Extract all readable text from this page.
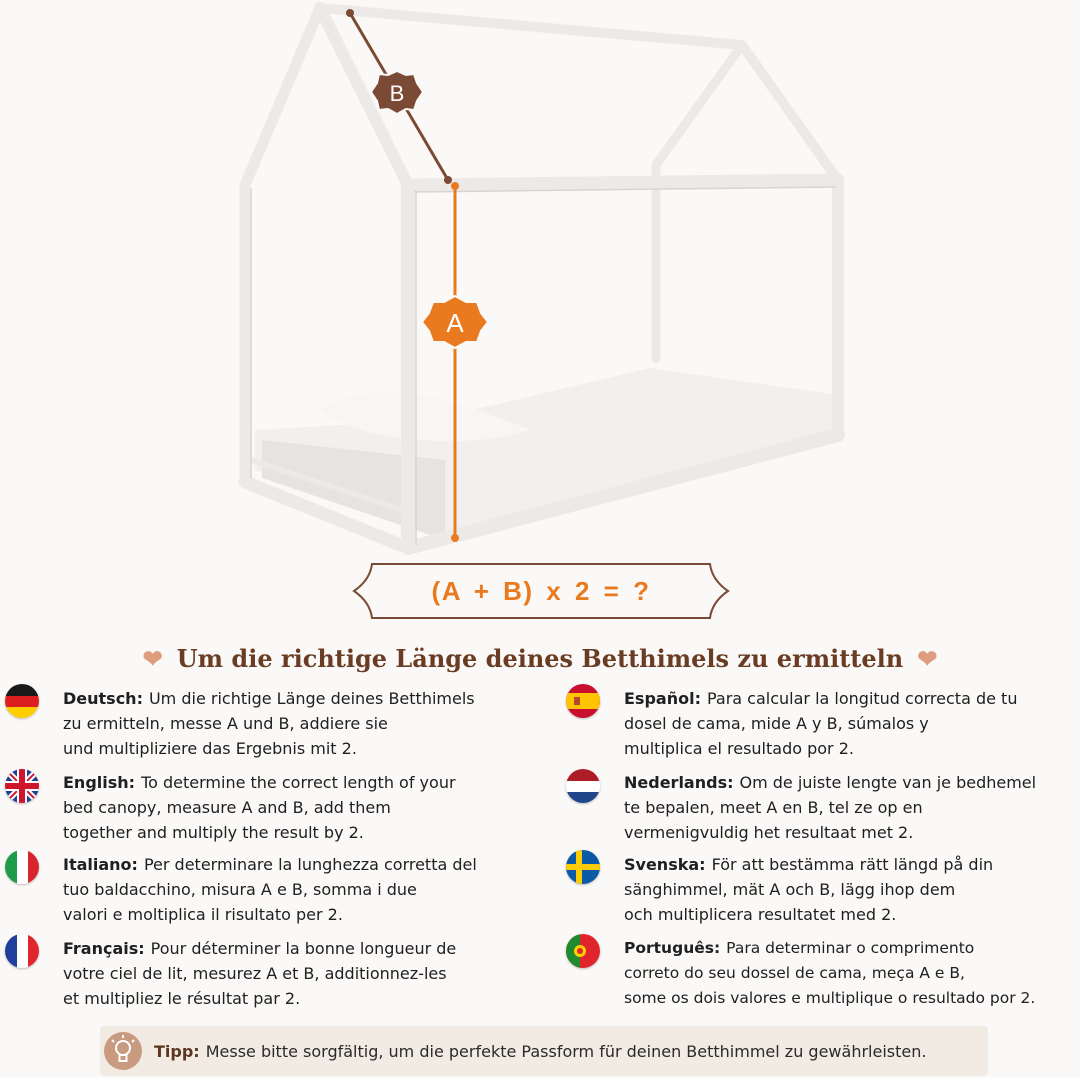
B
A
(A + B) x 2 = ?
❤ Um die richtige Länge deines Betthimels zu ermitteln ❤
Deutsch: Um die richtige Länge deines Betthimels
zu ermitteln, messe A und B, addiere sie
und multipliziere das Ergebnis mit 2.
English: To determine the correct length of your
bed canopy, measure A and B, add them
together and multiply the result by 2.
Italiano: Per determinare la lunghezza corretta del
tuo baldacchino, misura A e B, somma i due
valori e moltiplica il risultato per 2.
Français: Pour déterminer la bonne longueur de
votre ciel de lit, mesurez A et B, additionnez-les
et multipliez le résultat par 2.
Español: Para calcular la longitud correcta de tu
dosel de cama, mide A y B, súmalos y
multiplica el resultado por 2.
Nederlands: Om de juiste lengte van je bedhemel
te bepalen, meet A en B, tel ze op en
vermenigvuldig het resultaat met 2.
Svenska: För att bestämma rätt längd på din
sänghimmel, mät A och B, lägg ihop dem
och multiplicera resultatet med 2.
Português: Para determinar o comprimento
correto do seu dossel de cama, meça A e B,
some os dois valores e multiplique o resultado por 2.
Tipp: Messe bitte sorgfältig, um die perfekte Passform für deinen Betthimmel zu gewährleisten.
